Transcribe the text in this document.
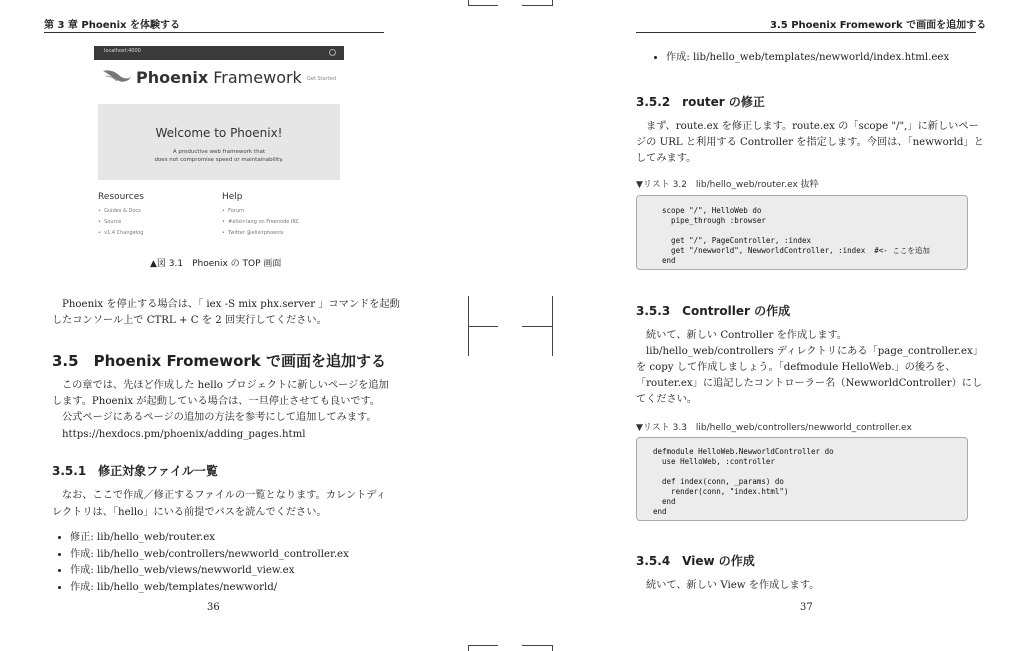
第 3 章 Phoenix を体験する
localhost:4000
Phoenix Framework Get Started
Welcome to Phoenix!
A productive web framework that
does not compromise speed or maintainability.
Resources
•  Guides & Docs
•  Source
•  v1.4 Changelog
Help
•  Forum
•  #elixir-lang on Freenode IRC
•  Twitter @elixirphoenix
▲図 3.1　Phoenix の TOP 画面
Phoenix を停止する場合は、「 iex -S mix phx.server 」コマンドを起動
したコンソール上で CTRL + C を 2 回実行してください。
3.5　Phoenix Fromework で画面を追加する
この章では、先ほど作成した hello プロジェクトに新しいページを追加
します。Phoenix が起動している場合は、一旦停止させても良いです。
公式ページにあるページの追加の方法を参考にして追加してみます。
https://hexdocs.pm/phoenix/adding_pages.html
3.5.1　修正対象ファイル一覧
なお、ここで作成／修正するファイルの一覧となります。カレントディ
レクトリは、「hello」にいる前提でパスを読んでください。
• 修正: lib/hello_web/router.ex
• 作成: lib/hello_web/controllers/newworld_controller.ex
• 作成: lib/hello_web/views/newworld_view.ex
• 作成: lib/hello_web/templates/newworld/
36
3.5 Phoenix Fromework で画面を追加する
• 作成: lib/hello_web/templates/newworld/index.html.eex
3.5.2　router の修正
まず、route.ex を修正します。route.ex の「scope "/",」に新しいペー
ジの URL と利用する Controller を指定します。今回は、「newworld」と
してみます。
▼リスト 3.2　lib/hello_web/router.ex 抜粋
scope "/", HelloWeb do
pipe_through :browser

get "/", PageController, :index
get "/newworld", NewworldController, :index  #<- ここを追加
end
3.5.3　Controller の作成
続いて、新しい Controller を作成します。
lib/hello_web/controllers ディレクトリにある「page_controller.ex」
を copy して作成しましょう。「defmodule HelloWeb.」の後ろを、
「router.ex」に追記したコントローラー名（NewworldController）にし
てください。
▼リスト 3.3　lib/hello_web/controllers/newworld_controller.ex
defmodule HelloWeb.NewworldController do
use HelloWeb, :controller

def index(conn, _params) do
render(conn, "index.html")
end
end
3.5.4　View の作成
続いて、新しい View を作成します。
37
